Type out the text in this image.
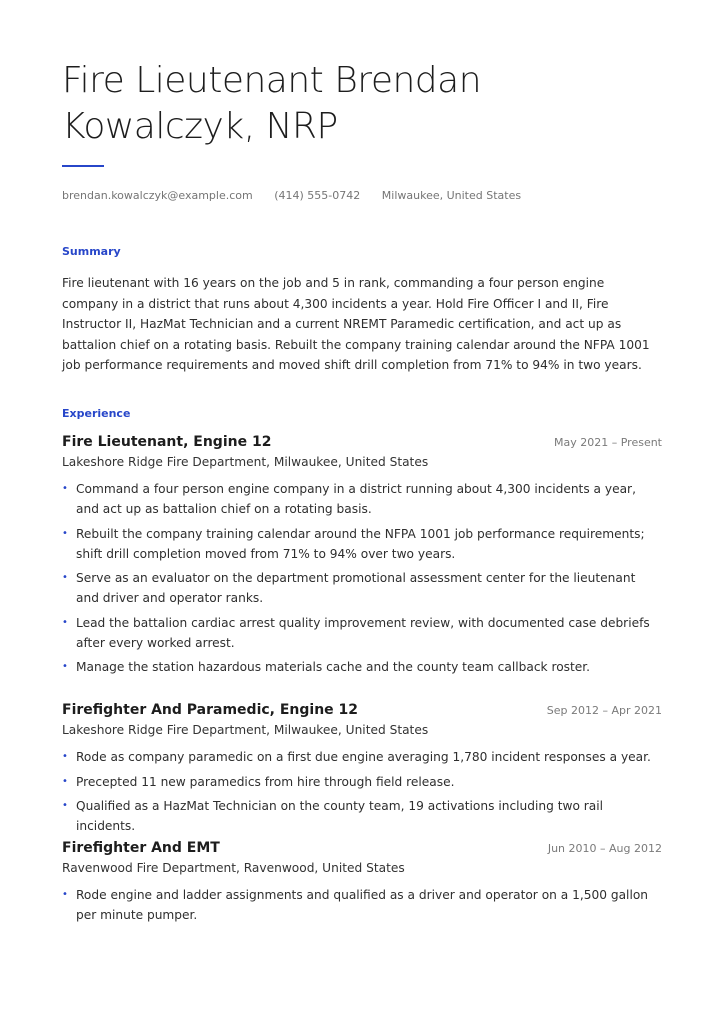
Fire Lieutenant Brendan Kowalczyk, NRP
brendan.kowalczyk@example.com (414) 555-0742 Milwaukee, United States
Summary

Fire lieutenant with 16 years on the job and 5 in rank, commanding a four person engine company in a district that runs about 4,300 incidents a year. Hold Fire Officer I and II, Fire Instructor II, HazMat Technician and a current NREMT Paramedic certification, and act up as battalion chief on a rotating basis. Rebuilt the company training calendar around the NFPA 1001 job performance requirements and moved shift drill completion from 71% to 94% in two years.

Experience
Fire Lieutenant, Engine 12	May 2021 – Present
Lakeshore Ridge Fire Department, Milwaukee, United States
• Command a four person engine company in a district running about 4,300 incidents a year, and act up as battalion chief on a rotating basis.
• Rebuilt the company training calendar around the NFPA 1001 job performance requirements; shift drill completion moved from 71% to 94% over two years.
• Serve as an evaluator on the department promotional assessment center for the lieutenant and driver and operator ranks.
• Lead the battalion cardiac arrest quality improvement review, with documented case debriefs after every worked arrest.
• Manage the station hazardous materials cache and the county team callback roster.
Firefighter And Paramedic, Engine 12	Sep 2012 – Apr 2021
Lakeshore Ridge Fire Department, Milwaukee, United States
• Rode as company paramedic on a first due engine averaging 1,780 incident responses a year.
• Precepted 11 new paramedics from hire through field release.
• Qualified as a HazMat Technician on the county team, 19 activations including two rail incidents.
Firefighter And EMT	Jun 2010 – Aug 2012
Ravenwood Fire Department, Ravenwood, United States
• Rode engine and ladder assignments and qualified as a driver and operator on a 1,500 gallon per minute pumper.
